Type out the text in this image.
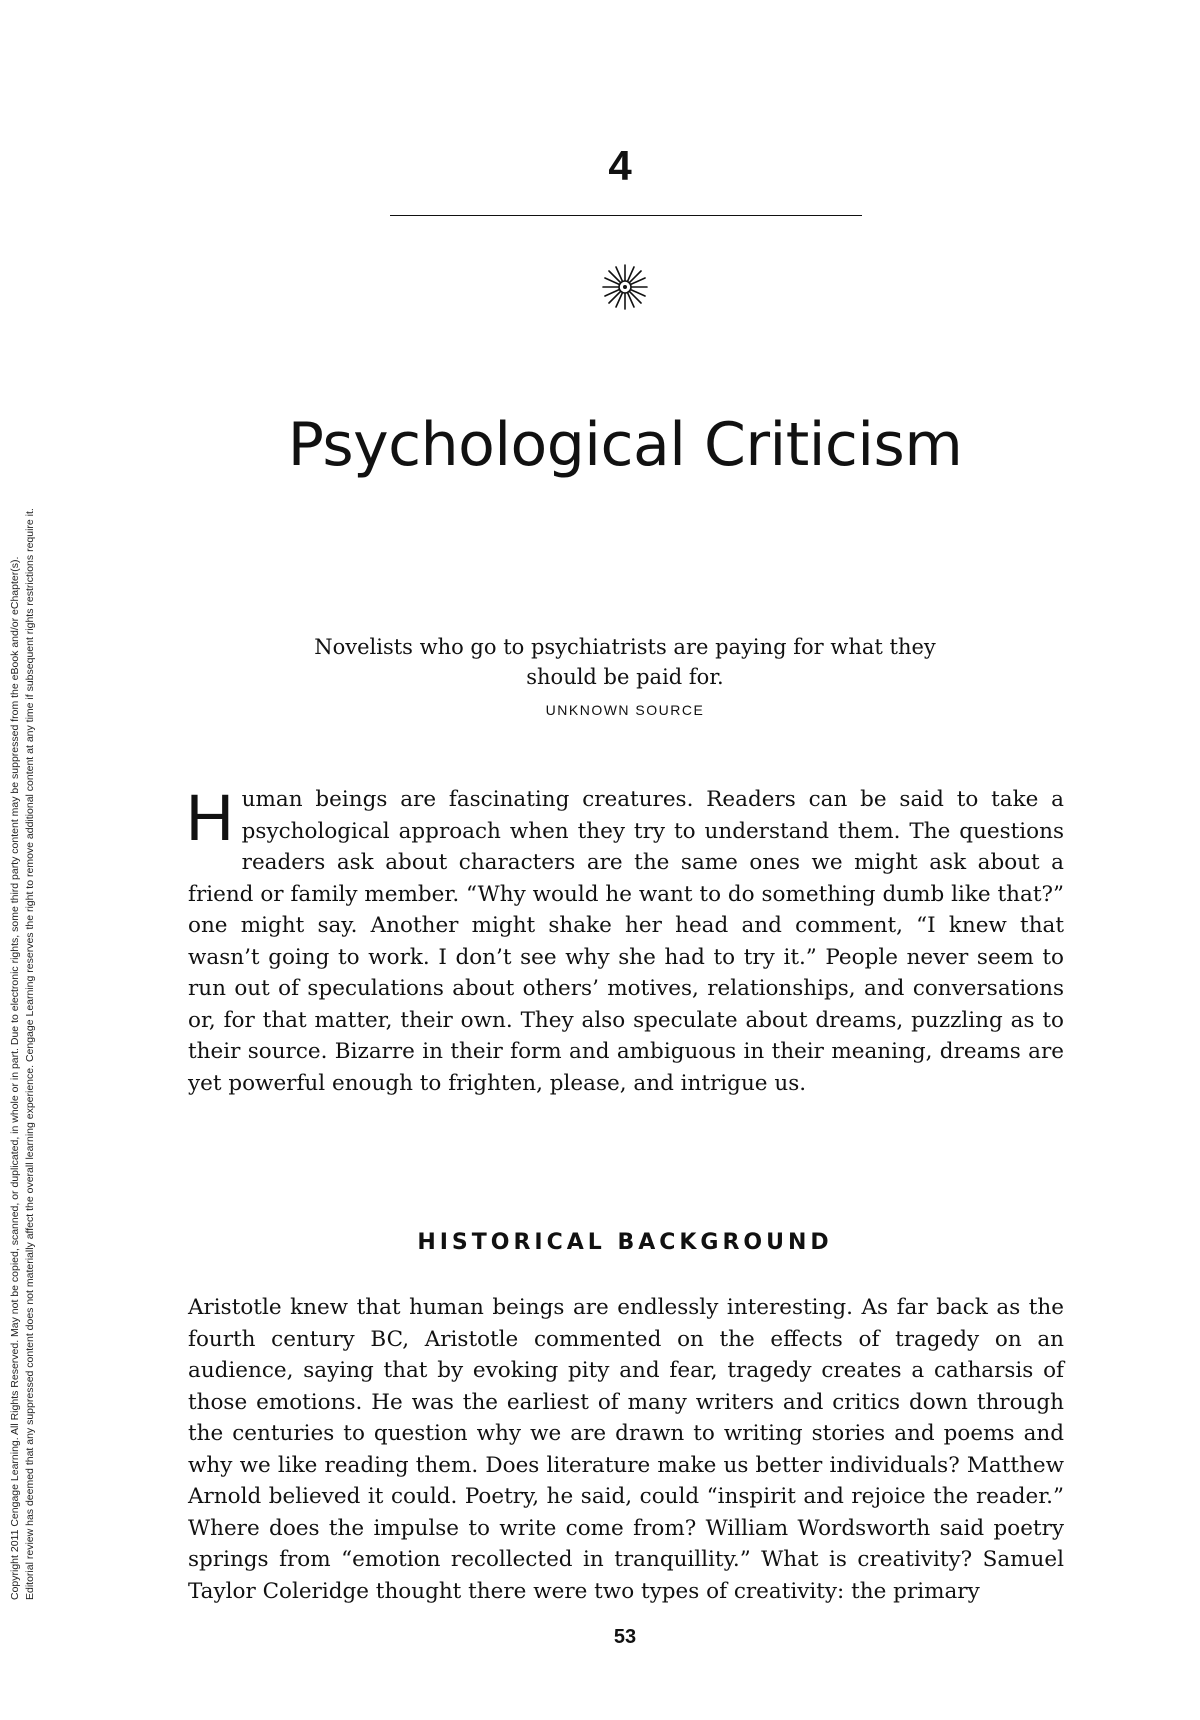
Copyright 2011 Cengage Learning. All Rights Reserved. May not be copied, scanned, or duplicated, in whole or in part. Due to electronic rights, some third party content may be suppressed from the eBook and/or eChapter(s). Editorial review has deemed that any suppressed content does not materially affect the overall learning experience. Cengage Learning reserves the right to remove additional content at any time if subsequent rights restrictions require it.
4
Psychological Criticism
Novelists who go to psychiatrists are paying for what they should be paid for.
UNKNOWN SOURCE

Human beings are fascinating creatures. Readers can be said to take a psychological approach when they try to understand them. The questions readers ask about characters are the same ones we might ask about a friend or family member. “Why would he want to do something dumb like that?” one might say. Another might shake her head and comment, “I knew that wasn’t going to work. I don’t see why she had to try it.” People never seem to run out of speculations about others’ motives, relationships, and conversations or, for that matter, their own. They also speculate about dreams, puzzling as to their source. Bizarre in their form and ambiguous in their meaning, dreams are yet powerful enough to frighten, please, and intrigue us.

HISTORICAL BACKGROUND

Aristotle knew that human beings are endlessly interesting. As far back as the fourth century BC, Aristotle commented on the effects of tragedy on an audience, saying that by evoking pity and fear, tragedy creates a catharsis of those emotions. He was the earliest of many writers and critics down through the centuries to question why we are drawn to writing stories and poems and why we like reading them. Does literature make us better individuals? Matthew Arnold believed it could. Poetry, he said, could “inspirit and rejoice the reader.” Where does the impulse to write come from? William Wordsworth said poetry springs from “emotion recollected in tranquillity.” What is creativity? Samuel Taylor Coleridge thought there were two types of creativity: the primary

53
